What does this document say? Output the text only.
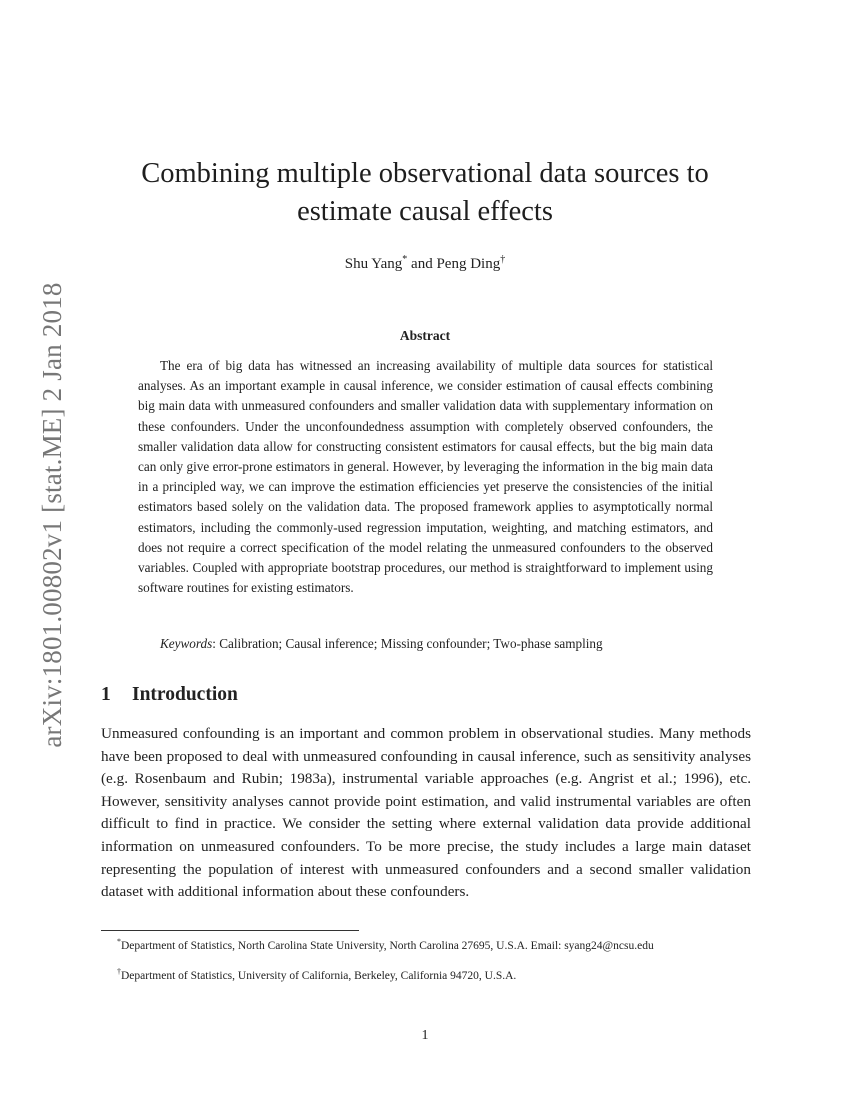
arXiv:1801.00802v1 [stat.ME] 2 Jan 2018
Combining multiple observational data sources to estimate causal effects
Shu Yang* and Peng Ding†
Abstract

The era of big data has witnessed an increasing availability of multiple data sources for statistical analyses. As an important example in causal inference, we consider estimation of causal effects combining big main data with unmeasured confounders and smaller validation data with supplementary information on these confounders. Under the unconfoundedness assumption with completely observed confounders, the smaller validation data allow for constructing consistent estimators for causal effects, but the big main data can only give error-prone estimators in general. However, by leveraging the information in the big main data in a principled way, we can improve the estimation efficiencies yet preserve the consistencies of the initial estimators based solely on the validation data. The proposed framework applies to asymptotically normal estimators, including the commonly-used regression imputation, weighting, and matching estimators, and does not require a correct specification of the model relating the unmeasured confounders to the observed variables. Coupled with appropriate bootstrap procedures, our method is straightforward to implement using software routines for existing estimators.

Keywords: Calibration; Causal inference; Missing confounder; Two-phase sampling
1 Introduction

Unmeasured confounding is an important and common problem in observational studies. Many methods have been proposed to deal with unmeasured confounding in causal inference, such as sensitivity analyses (e.g. Rosenbaum and Rubin; 1983a), instrumental variable approaches (e.g. Angrist et al.; 1996), etc. However, sensitivity analyses cannot provide point estimation, and valid instrumental variables are often difficult to find in practice. We consider the setting where external validation data provide additional information on unmeasured confounders. To be more precise, the study includes a large main dataset representing the population of interest with unmeasured confounders and a second smaller validation dataset with additional information about these confounders.

*Department of Statistics, North Carolina State University, North Carolina 27695, U.S.A. Email: syang24@ncsu.edu

†Department of Statistics, University of California, Berkeley, California 94720, U.S.A.

1
